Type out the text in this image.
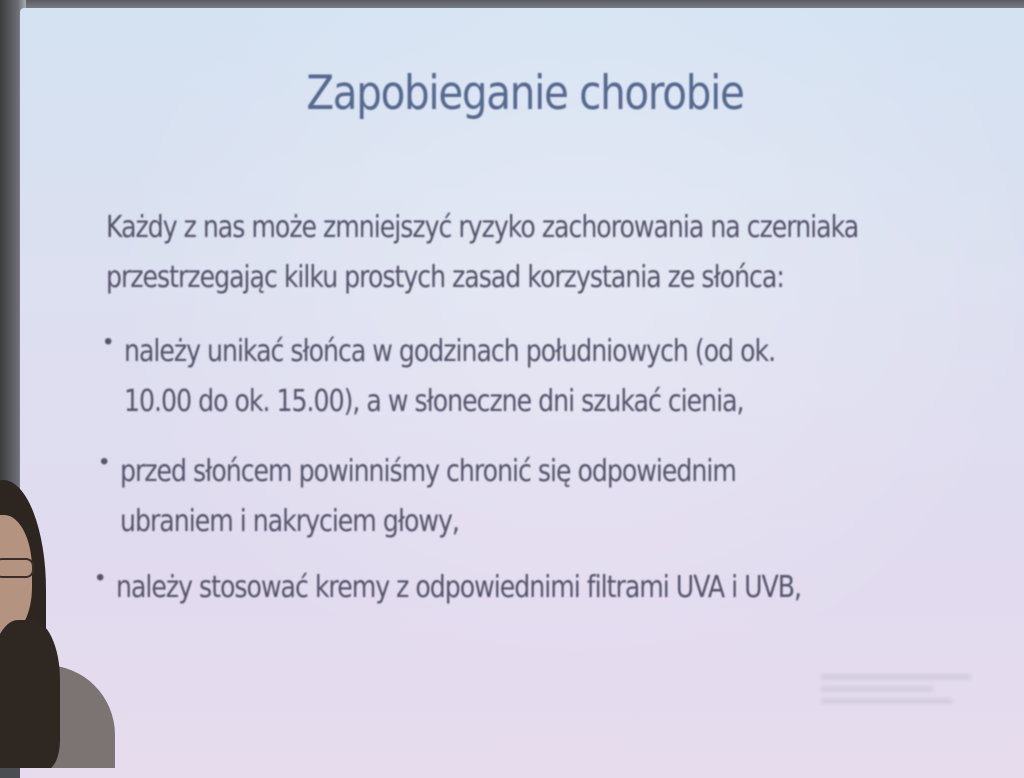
Zapobieganie chorobie
Każdy z nas może zmniejszyć ryzyko zachorowania na czerniaka
przestrzegając kilku prostych zasad korzystania ze słońca:
• należy unikać słońca w godzinach południowych (od ok.
10.00 do ok. 15.00), a w słoneczne dni szukać cienia,
• przed słońcem powinniśmy chronić się odpowiednim
ubraniem i nakryciem głowy,
• należy stosować kremy z odpowiednimi filtrami UVA i UVB,
